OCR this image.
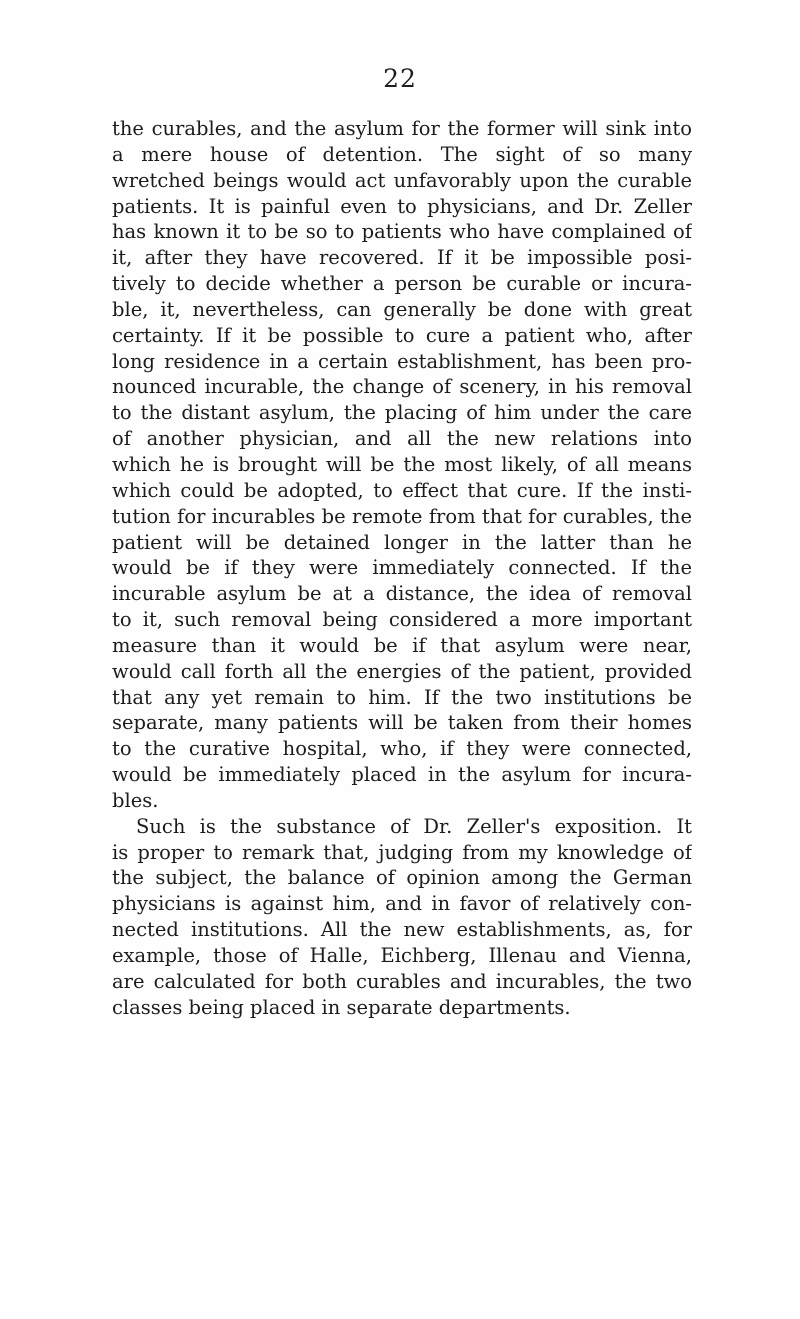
22
the curables, and the asylum for the former will sink into
a mere house of detention. The sight of so many
wretched beings would act unfavorably upon the curable
patients. It is painful even to physicians, and Dr. Zeller
has known it to be so to patients who have complained of
it, after they have recovered. If it be impossible posi-
tively to decide whether a person be curable or incura-
ble, it, nevertheless, can generally be done with great
certainty. If it be possible to cure a patient who, after
long residence in a certain establishment, has been pro-
nounced incurable, the change of scenery, in his removal
to the distant asylum, the placing of him under the care
of another physician, and all the new relations into
which he is brought will be the most likely, of all means
which could be adopted, to effect that cure. If the insti-
tution for incurables be remote from that for curables, the
patient will be detained longer in the latter than he
would be if they were immediately connected. If the
incurable asylum be at a distance, the idea of removal
to it, such removal being considered a more important
measure than it would be if that asylum were near,
would call forth all the energies of the patient, provided
that any yet remain to him. If the two institutions be
separate, many patients will be taken from their homes
to the curative hospital, who, if they were connected,
would be immediately placed in the asylum for incura-
bles.
Such is the substance of Dr. Zeller's exposition. It
is proper to remark that, judging from my knowledge of
the subject, the balance of opinion among the German
physicians is against him, and in favor of relatively con-
nected institutions. All the new establishments, as, for
example, those of Halle, Eichberg, Illenau and Vienna,
are calculated for both curables and incurables, the two
classes being placed in separate departments.
